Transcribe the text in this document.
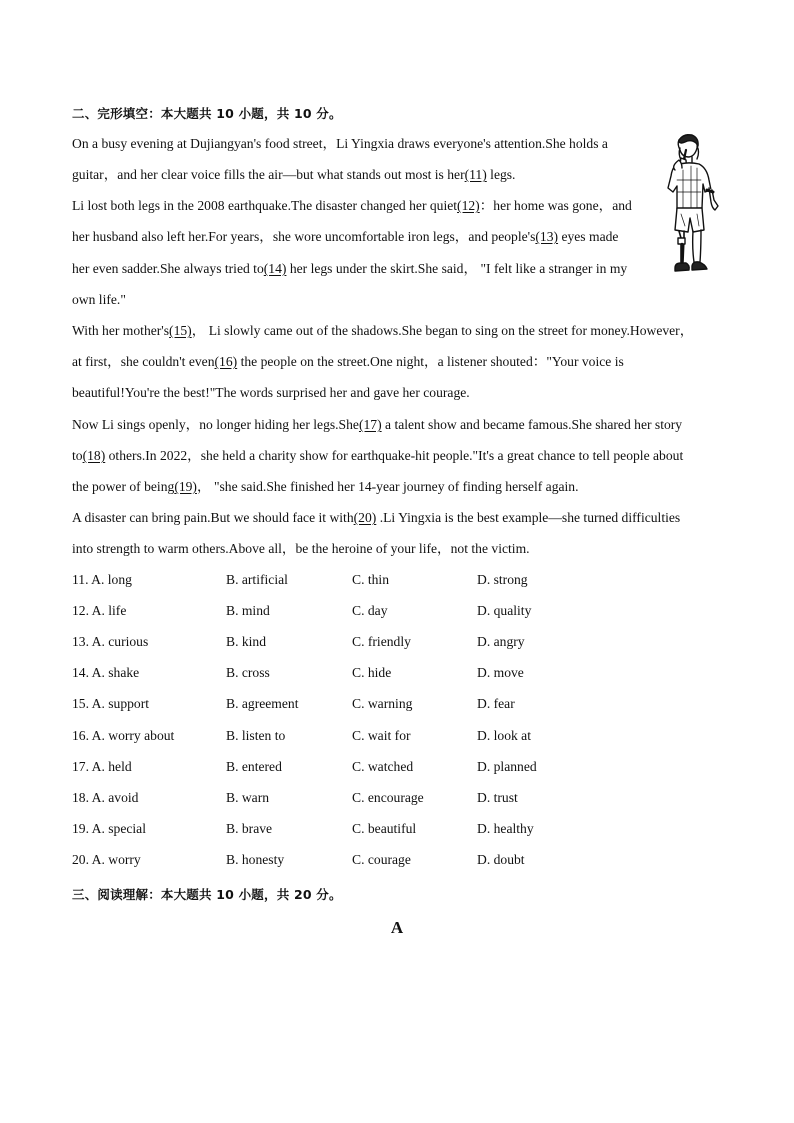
二、完形填空：本大题共 10 小题，共 10 分。
On a busy evening at Dujiangyan's food street，Li Yingxia draws everyone's attention.She holds a
guitar，and her clear voice fills the air—but what stands out most is her(11) legs.
Li lost both legs in the 2008 earthquake.The disaster changed her quiet(12)：her home was gone，and
her husband also left her.For years，she wore uncomfortable iron legs，and people's(13) eyes made
her even sadder.She always tried to(14) her legs under the skirt.She said， "I felt like a stranger in my
own life."
With her mother's(15)， Li slowly came out of the shadows.She began to sing on the street for money.However，
at first，she couldn't even(16) the people on the street.One night，a listener shouted："Your voice is
beautiful!You're the best!"The words surprised her and gave her courage.
Now Li sings openly，no longer hiding her legs.She(17) a talent show and became famous.She shared her story
to(18) others.In 2022，she held a charity show for earthquake-hit people."It's a great chance to tell people about
the power of being(19)， "she said.She finished her 14-year journey of finding herself again.
A disaster can bring pain.But we should face it with(20) .Li Yingxia is the best example—she turned difficulties
into strength to warm others.Above all，be the heroine of your life，not the victim.
11. A. long	B. artificial	C. thin	D. strong
12. A. life	B. mind	C. day	D. quality
13. A. curious	B. kind	C. friendly	D. angry
14. A. shake	B. cross	C. hide	D. move
15. A. support	B. agreement	C. warning	D. fear
16. A. worry about	B. listen to	C. wait for	D. look at
17. A. held	B. entered	C. watched	D. planned
18. A. avoid	B. warn	C. encourage	D. trust
19. A. special	B. brave	C. beautiful	D. healthy
20. A. worry	B. honesty	C. courage	D. doubt
三、阅读理解：本大题共 10 小题，共 20 分。
A
